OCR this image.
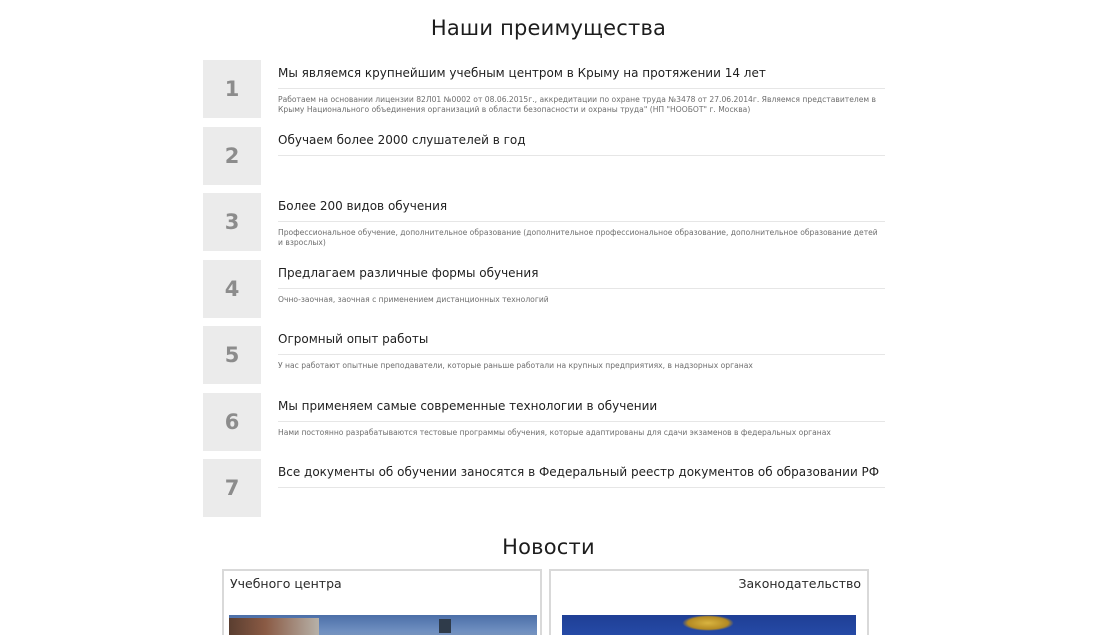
Наши преимущества
1
Мы являемся крупнейшим учебным центром в Крыму на протяжении 14 лет
Работаем на основании лицензии 82Л01 №0002 от 08.06.2015г., аккредитации по охране труда №3478 от 27.06.2014г. Являемся представителем в Крыму Национального объединения организаций в области безопасности и охраны труда" (НП "НООБОТ" г. Москва)
2
Обучаем более 2000 слушателей в год
3
Более 200 видов обучения
Профессиональное обучение, дополнительное образование (дополнительное профессиональное образование, дополнительное образование детей и взрослых)
4
Предлагаем различные формы обучения
Очно-заочная, заочная с применением дистанционных технологий
5
Огромный опыт работы
У нас работают опытные преподаватели, которые раньше работали на крупных предприятиях, в надзорных органах
6
Мы применяем самые современные технологии в обучении
Нами постоянно разрабатываются тестовые программы обучения, которые адаптированы для сдачи экзаменов в федеральных органах
7
Все документы об обучении заносятся в Федеральный реестр документов об образовании РФ
Новости
Учебного центра	Законодательство
